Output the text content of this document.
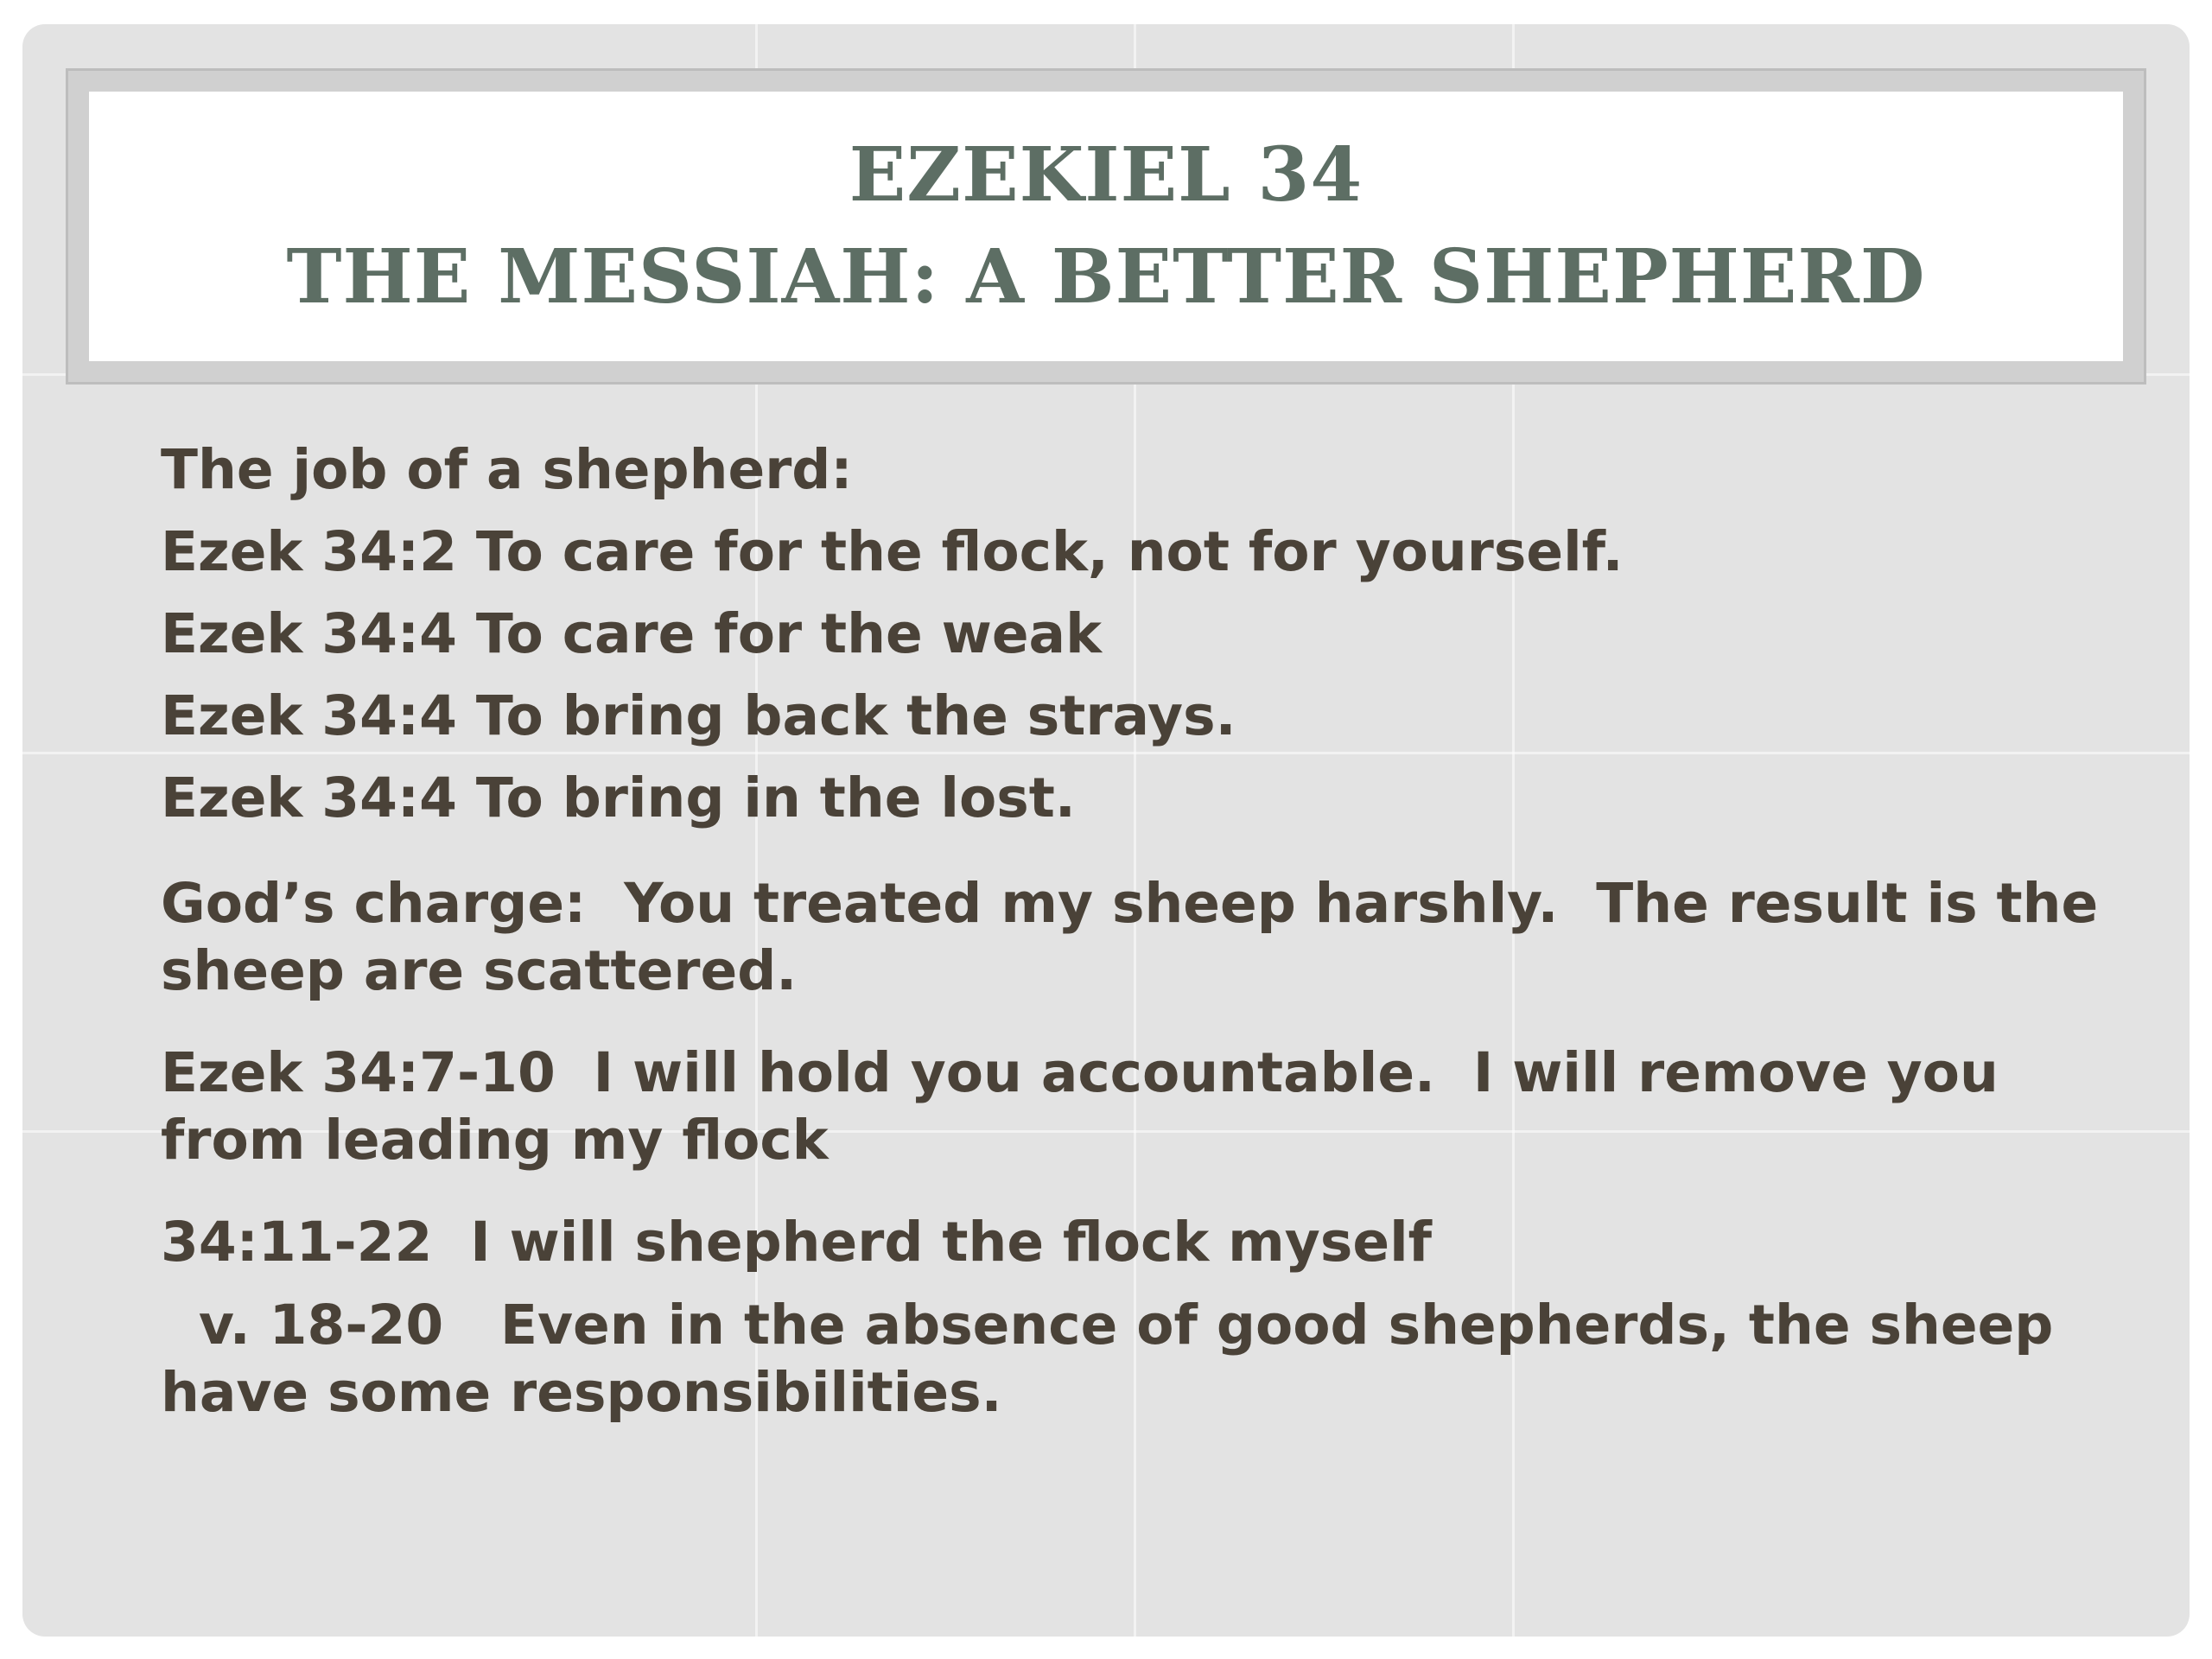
EZEKIEL 34
THE MESSIAH: A BETTER SHEPHERD
The job of a shepherd:
Ezek 34:2 To care for the flock, not for yourself.
Ezek 34:4 To care for the weak
Ezek 34:4 To bring back the strays.
Ezek 34:4 To bring in the lost.
God’s charge:  You treated my sheep harshly.  The result is the sheep are scattered.
Ezek 34:7-10  I will hold you accountable.  I will remove you from leading my flock
34:11-22  I will shepherd the flock myself
v. 18-20   Even in the absence of good shepherds, the sheep have some responsibilities.
